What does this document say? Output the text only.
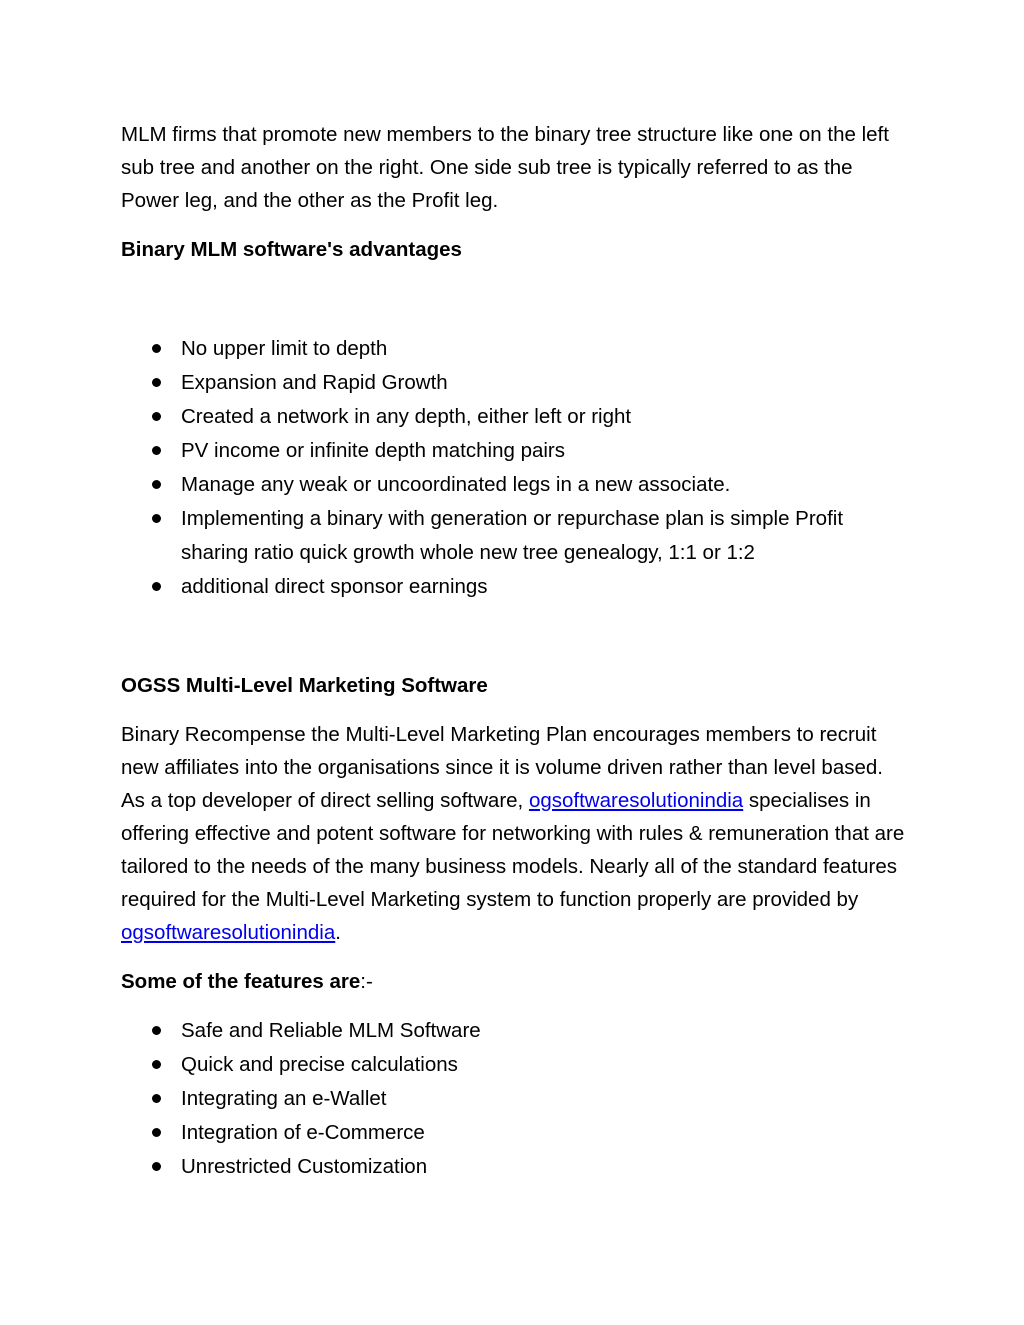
MLM firms that promote new members to the binary tree structure like one on the left sub tree and another on the right. One side sub tree is typically referred to as the Power leg, and the other as the Profit leg.

Binary MLM software's advantages

No upper limit to depth
Expansion and Rapid Growth
Created a network in any depth, either left or right
PV income or infinite depth matching pairs
Manage any weak or uncoordinated legs in a new associate.
Implementing a binary with generation or repurchase plan is simple Profit sharing ratio quick growth whole new tree genealogy, 1:1 or 1:2
additional direct sponsor earnings

OGSS Multi-Level Marketing Software

Binary Recompense the Multi-Level Marketing Plan encourages members to recruit new affiliates into the organisations since it is volume driven rather than level based. As a top developer of direct selling software, ogsoftwaresolutionindia specialises in offering effective and potent software for networking with rules & remuneration that are tailored to the needs of the many business models. Nearly all of the standard features required for the Multi-Level Marketing system to function properly are provided by ogsoftwaresolutionindia.

Some of the features are:-

Safe and Reliable MLM Software
Quick and precise calculations
Integrating an e-Wallet
Integration of e-Commerce
Unrestricted Customization
